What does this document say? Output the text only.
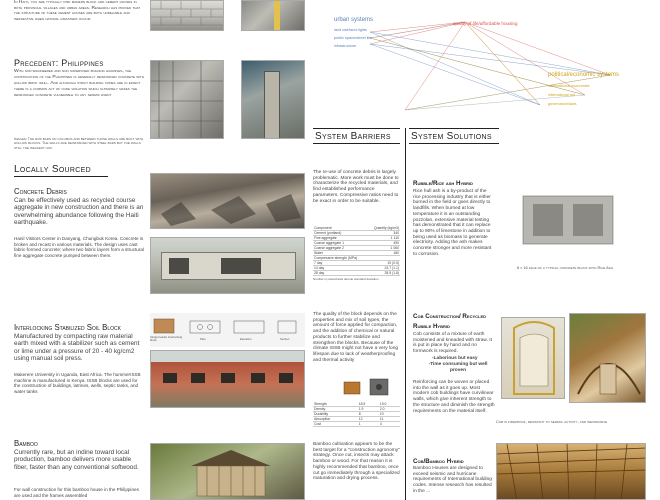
In Haiti, you are typically find modern block and cement houses in both provincial villages and urban areas. Research has proved that the structure of these cement houses are both unreliable and ineffective when natural disasters occur.
Precedent: Philippines
With non-engineered and non supervised building examples, the construction of the Philippines is generally reinforced concrete with hollow brick infill. And although strict building codes are in effect there is a common act of code violation which ultimately makes the reinforced concrete vulnerable to any seismic event
Images: The rod bars on columns and between those walls are built with hollow blocks. The walls are reinforced with steel bars but the walls still the weakest link
Locally Sourced
Concrete Debris
Can be effectively used as recycled course aggregate in new construction and there is an overwhelming abundance following the Haiti earthquake.
Hanil Visitors Center in Danyang, Chungbuk Korea. Concrete is broken and recast in various materials. The design uses cast fabric-formed concrete; where two fabric layers form a structural fine aggregate concrete pumped between them.
Interlocking Stabilized Soil Block
Manufactured by compacting raw material earth mixed with a stabilizer such as cement or lime under a pressure of 20 - 40 kg/cm2 using manual soil press.
Makerere University in Uganda, East Africa. The hummer!SSB machine is manufactured in Kenya. ISSB blocks are used for the construction of buildings, latrines, wells, septic tanks, and water tanks
Single header interlocking block	Plan	Elevation	Section
Bamboo
Currently rare, but an indine toward local production, bamboo delivers more usable fiber, faster than any conventional softwood.
For wall construction for this bamboo house in the Philippines are used and the frames assembled
urban systems
land use/land rights
public space/street life
infrastructure
quality of life/affordable housing
political/economic systems
national/local economies
international aid
governance/laws
System Barriers
The re-use of concrete debris is largely problematic. More work must be done to characterize the recycled materials, and find established performance parameters. Compressive ratios need to be exact in order to be suitable.
Component	Quantity (kg/m3)
Cement (portland)	340
Fine aggregate	1 110
Coarse aggregate 1	490
Coarse aggregate 2	1 060
Water	180
Compressive strength (MPa)	
7 day	19 (0.5)
14 day	24.7 (1.1)
28 day	28.5 (1.8)
Number in parenthesis denote standard deviation
The quality of the block depends on the properties and mix of soil types, the amount of force applied for compaction, and the addition of chemical or natural products to further stabilize and strengthen the blocks. Because of the climate ISSB might not have a very long lifespan due to lack of weatherproofing and thermal activity
Strength	18.5	19.0
Density	1.9	2.0
Durability	8	10
Absorption	12	11
Cost	1	4
Bamboo cultivation appears to be the best target for a "construction agronomy" strategy. Once cut, insects may attack bamboo or wood. For that reason it is highly recommended that bamboo, once cut go immediately through a specialized maturation and drying process.
System Solutions
Rubble/Rice ash Hybrid
Rice hull ash is a by-product of the rice processing industry that is either burned in the field or goes directly to landfills. When burned at low temperature it is an outstanding pozzolan, extensive material testing has demonstrated that it can replace up to 90% of limestone in addition to being used as biomass to generate electricity. Adding the ash makes concrete stronger and more resistant to corrosion.
8 x 16 face of a typical concrete block with Rice Ash
Cob Construction/ Recycled Rubble Hybrid
Cob consists of a mixture of earth moistened and kneaded with straw. It is put in place by hand and no formwork is required.
-Laborious but easy
-Time consuming but well proven
Reinforcing can be woven or placed into the wall as it goes up. Most modern cob buildings have curvilinear walls, which give inherent strength to the structure and diminish the strength requirements on the material itself.
Cob is fireproof, resistant to seismic activity, and inexpensive
Cob/Bamboo Hybrid
Bamboo Houses are designed to exceed seismic and hurricane requirements of International building codes. Intense research has resulted in the ...
